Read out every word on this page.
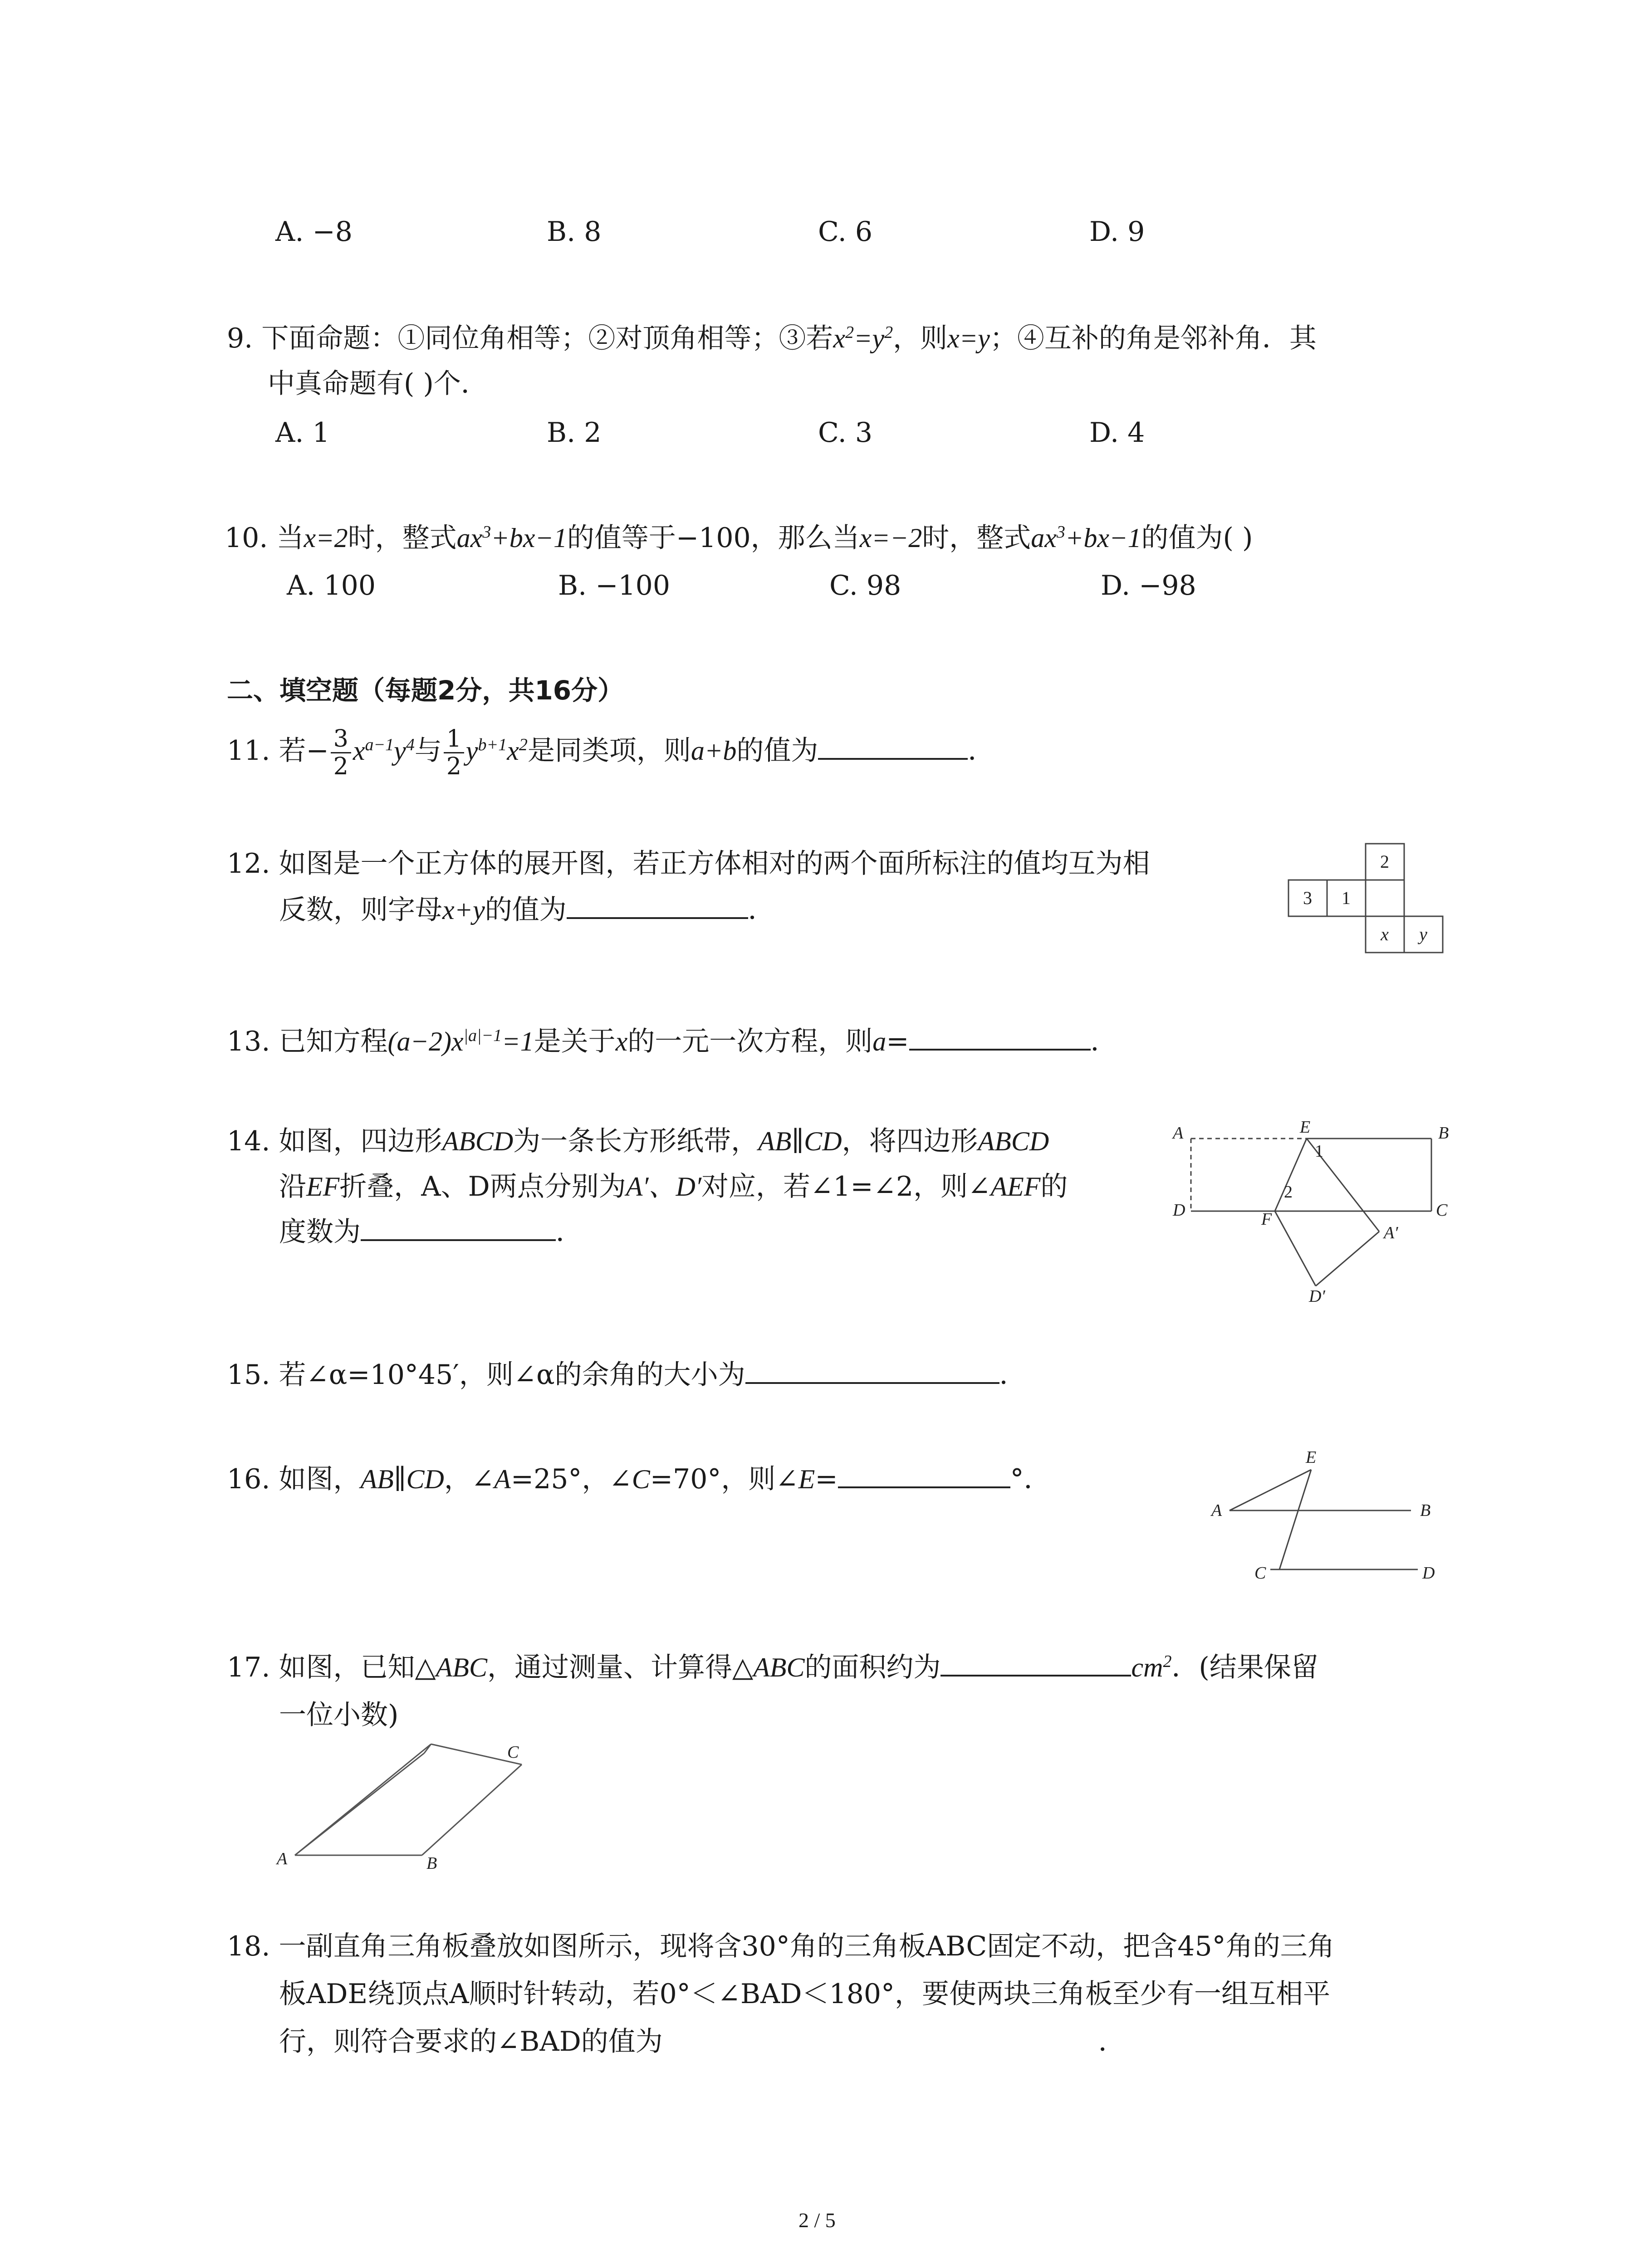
A. −8	B. 8	C. 6	D. 9
9. 下面命题：①同位角相等；②对顶角相等；③若$x^2=y^2$，则x=y；④互补的角是邻补角．其
中真命题有( )个．
A. 1	B. 2	C. 3	D. 4
10. 当x=2时，整式$ax^3+bx-1$的值等于−100，那么当x=−2时，整式$ax^3+bx-1$的值为( )
A. 100	B. −100	C. 98	D. −98
二、填空题（每题2分，共16分）
11. 若− $\frac{3}{2} x^{a-1}y^4$与 $\frac{1}{2} y^{b+1}x^2$是同类项，则a+b的值为	．
12. 如图是一个正方体的展开图，若正方体相对的两个面所标注的值均互为相
反数，则字母x+y的值为	．
2
3 1
x y
13. 已知方程$(a-2)x^{|a|-1}=1$是关于x的一元一次方程，则a=	．
14. 如图，四边形ABCD为一条长方形纸带，AB∥CD，将四边形ABCD
沿EF折叠，A、D两点分别为A′、D′对应，若∠1=∠2，则∠AEF的
度数为	．
A	E
1
B
D	F
2
C
A′
D′
15. 若∠α=10°45′，则∠α的余角的大小为	．
16. 如图，AB∥CD，∠A=25°，∠C=70°，则∠E=	°．
E
A	B
C	D
17. 如图，已知△ABC，通过测量、计算得△ABC的面积约为	$cm^2$．(结果保留
一位小数)
C
A	B
18. 一副直角三角板叠放如图所示，现将含30°角的三角板ABC固定不动，把含45°角的三角
板ADE绕顶点A顺时针转动，若0°＜∠BAD＜180°，要使两块三角板至少有一组互相平
行，则符合要求的∠BAD的值为	．
2 / 5
